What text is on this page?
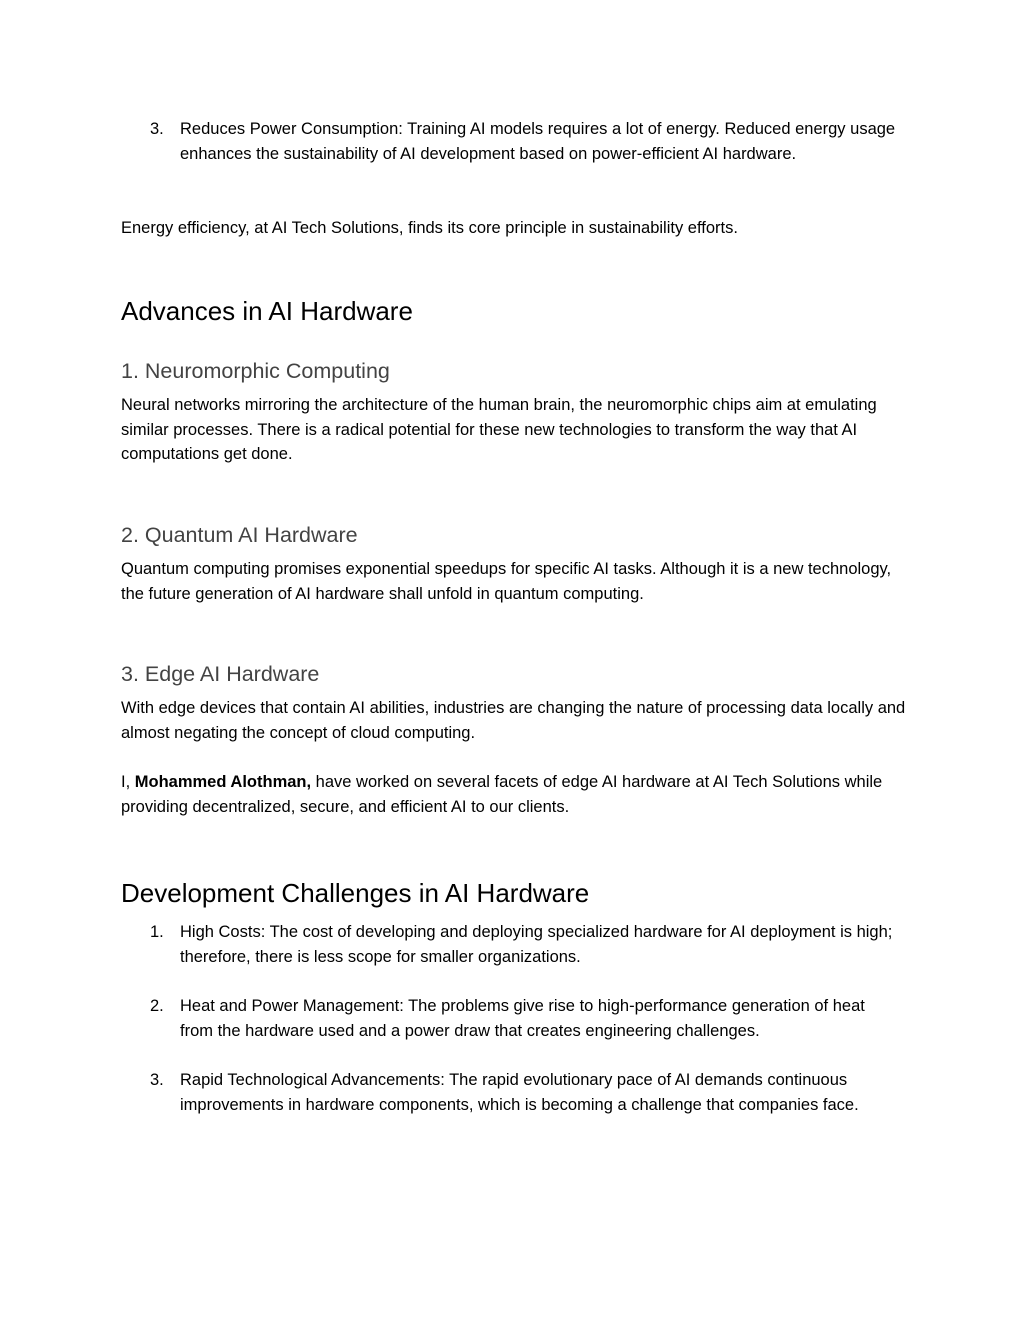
3. Reduces Power Consumption: Training AI models requires a lot of energy. Reduced energy usage enhances the sustainability of AI development based on power-efficient AI hardware.

Energy efficiency, at AI Tech Solutions, finds its core principle in sustainability efforts.

Advances in AI Hardware
1. Neuromorphic Computing

Neural networks mirroring the architecture of the human brain, the neuromorphic chips aim at emulating similar processes. There is a radical potential for these new technologies to transform the way that AI computations get done.

2. Quantum AI Hardware

Quantum computing promises exponential speedups for specific AI tasks. Although it is a new technology, the future generation of AI hardware shall unfold in quantum computing.

3. Edge AI Hardware

With edge devices that contain AI abilities, industries are changing the nature of processing data locally and almost negating the concept of cloud computing.

I, Mohammed Alothman, have worked on several facets of edge AI hardware at AI Tech Solutions while providing decentralized, secure, and efficient AI to our clients.

Development Challenges in AI Hardware
1. High Costs: The cost of developing and deploying specialized hardware for AI deployment is high; therefore, there is less scope for smaller organizations.
2. Heat and Power Management: The problems give rise to high-performance generation of heat from the hardware used and a power draw that creates engineering challenges.
3. Rapid Technological Advancements: The rapid evolutionary pace of AI demands continuous improvements in hardware components, which is becoming a challenge that companies face.
